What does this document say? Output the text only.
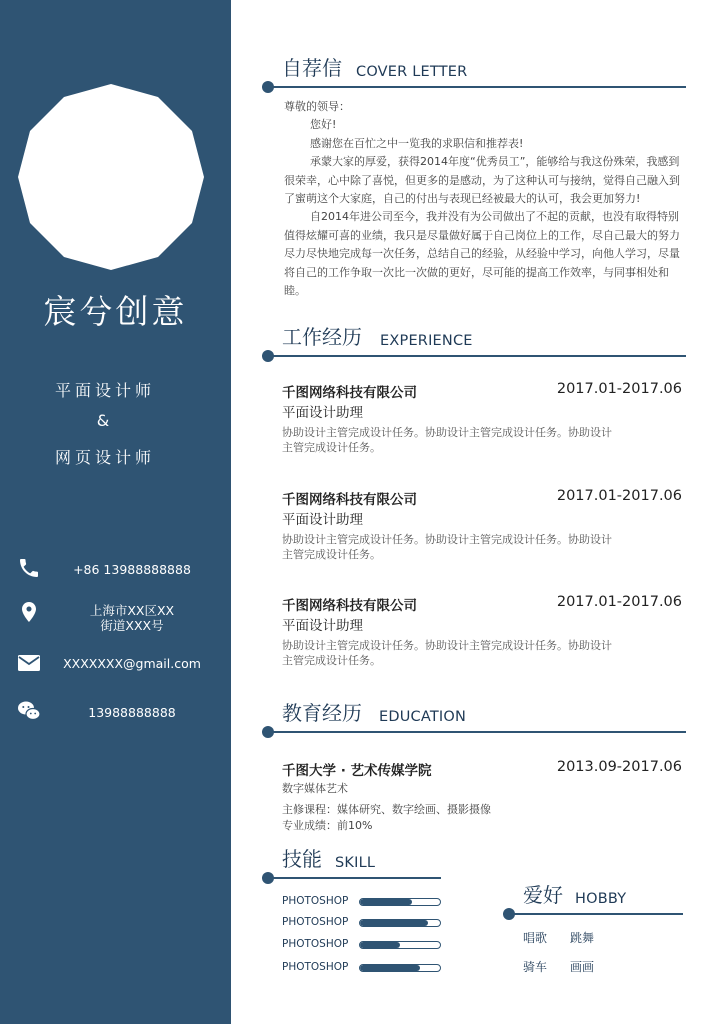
宸兮创意
平面设计师
&
网页设计师
+86 13988888888
上海市XX区XX
街道XXX号
XXXXXXX@gmail.com
13988888888
自荐信 COVER LETTER

尊敬的领导：

您好!

感谢您在百忙之中一览我的求职信和推荐表!

承蒙大家的厚爱，获得2014年度“优秀员工”，能够给与我这份殊荣，我感到很荣幸，心中除了喜悦，但更多的是感动，为了这种认可与接纳，觉得自己融入到了蜜萌这个大家庭，自己的付出与表现已经被最大的认可，我会更加努力!

自2014年进公司至今，我并没有为公司做出了不起的贡献，也没有取得特别值得炫耀可喜的业绩，我只是尽量做好属于自己岗位上的工作，尽自己最大的努力尽力尽快地完成每一次任务，总结自己的经验，从经验中学习，向他人学习，尽量将自己的工作争取一次比一次做的更好，尽可能的提高工作效率，与同事相处和睦。

工作经历 EXPERIENCE
千图网络科技有限公司	2017.01-2017.06
平面设计助理
协助设计主管完成设计任务。协助设计主管完成设计任务。协助设计主管完成设计任务。
千图网络科技有限公司	2017.01-2017.06
平面设计助理
协助设计主管完成设计任务。协助设计主管完成设计任务。协助设计主管完成设计任务。
千图网络科技有限公司	2017.01-2017.06
平面设计助理
协助设计主管完成设计任务。协助设计主管完成设计任务。协助设计主管完成设计任务。
教育经历 EDUCATION
千图大学 · 艺术传媒学院	2013.09-2017.06
数字媒体艺术
主修课程：媒体研究、数字绘画、摄影摄像
专业成绩：前10%
技能 SKILL
PHOTOSHOP
PHOTOSHOP
PHOTOSHOP
PHOTOSHOP
爱好 HOBBY
唱歌 跳舞
骑车 画画
